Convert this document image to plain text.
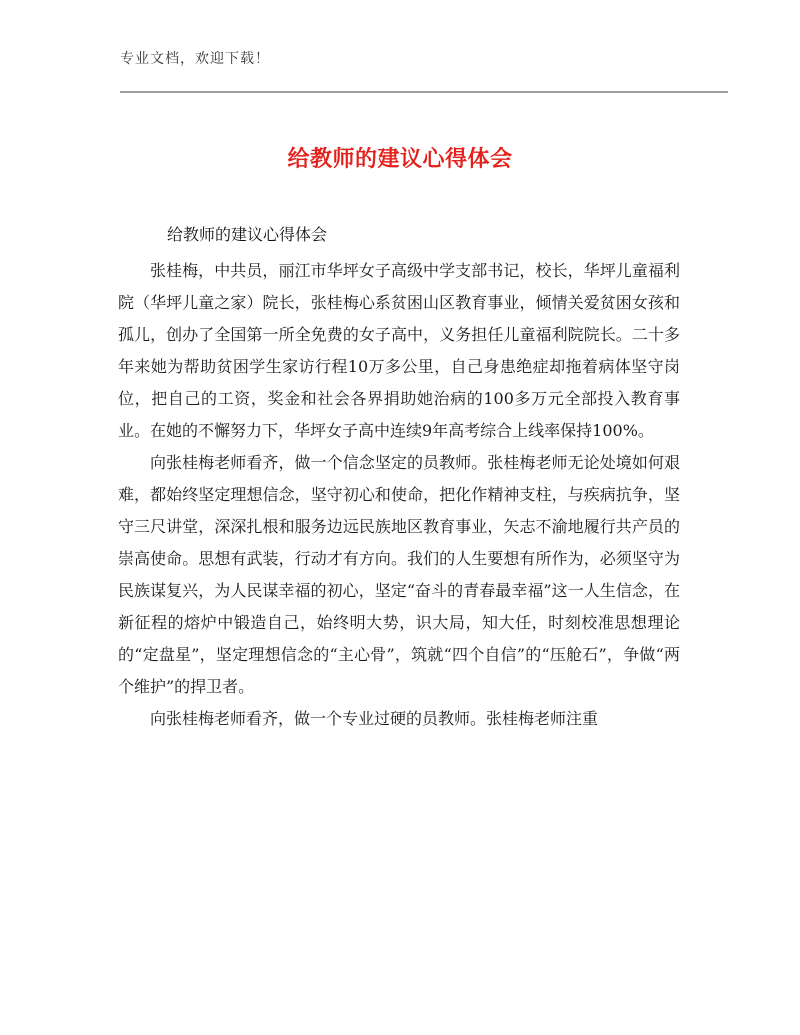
专业文档，欢迎下载！
给教师的建议心得体会
给教师的建议心得体会

张桂梅，中共员，丽江市华坪女子高级中学支部书记，校长，华坪儿童福利院（华坪儿童之家）院长，张桂梅心系贫困山区教育事业，倾情关爱贫困女孩和孤儿，创办了全国第一所全免费的女子高中，义务担任儿童福利院院长。二十多年来她为帮助贫困学生家访行程10万多公里，自己身患绝症却拖着病体坚守岗位，把自己的工资，奖金和社会各界捐助她治病的100多万元全部投入教育事业。在她的不懈努力下，华坪女子高中连续9年高考综合上线率保持100%。

向张桂梅老师看齐，做一个信念坚定的员教师。张桂梅老师无论处境如何艰难，都始终坚定理想信念，坚守初心和使命，把化作精神支柱，与疾病抗争，坚守三尺讲堂，深深扎根和服务边远民族地区教育事业，矢志不渝地履行共产员的崇高使命。思想有武装，行动才有方向。我们的人生要想有所作为，必须坚守为民族谋复兴，为人民谋幸福的初心，坚定“奋斗的青春最幸福”这一人生信念，在新征程的熔炉中锻造自己，始终明大势，识大局，知大任，时刻校准思想理论的“定盘星”，坚定理想信念的“主心骨”，筑就“四个自信”的“压舱石”，争做“两个维护”的捍卫者。

向张桂梅老师看齐，做一个专业过硬的员教师。张桂梅老师注重
